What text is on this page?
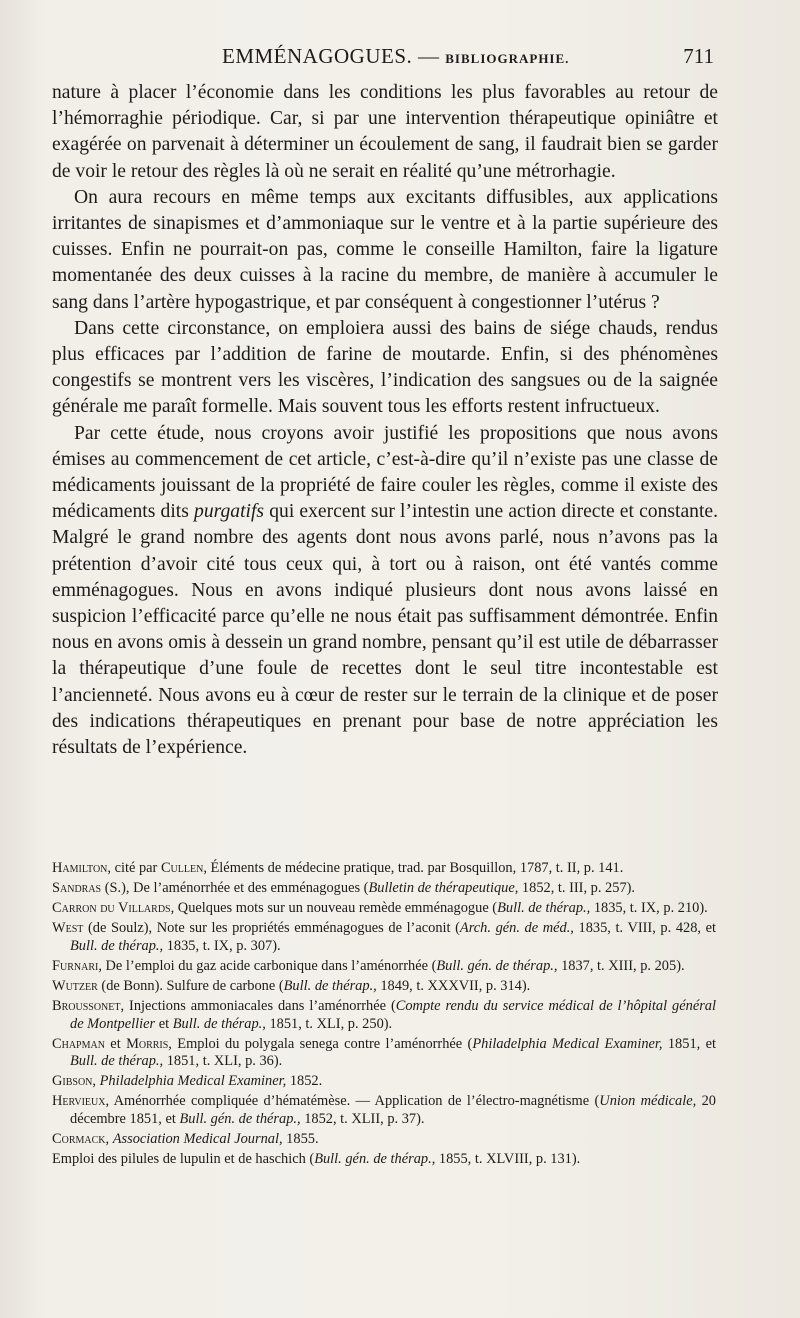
EMMÉNAGOGUES. — BIBLIOGRAPHIE.	711

nature à placer l’économie dans les conditions les plus favorables au retour de l’hémorraghie périodique. Car, si par une intervention thérapeutique opiniâtre et exagérée on parvenait à déterminer un écoulement de sang, il faudrait bien se garder de voir le retour des règles là où ne serait en réalité qu’une métrorhagie.

On aura recours en même temps aux excitants diffusibles, aux applications irritantes de sinapismes et d’ammoniaque sur le ventre et à la partie supérieure des cuisses. Enfin ne pourrait-on pas, comme le conseille Hamilton, faire la ligature momentanée des deux cuisses à la racine du membre, de manière à accumuler le sang dans l’artère hypogastrique, et par conséquent à congestionner l’utérus ?

Dans cette circonstance, on emploiera aussi des bains de siége chauds, rendus plus efficaces par l’addition de farine de moutarde. Enfin, si des phénomènes congestifs se montrent vers les viscères, l’indication des sangsues ou de la saignée générale me paraît formelle. Mais souvent tous les efforts restent infructueux.

Par cette étude, nous croyons avoir justifié les propositions que nous avons émises au commencement de cet article, c’est-à-dire qu’il n’existe pas une classe de médicaments jouissant de la propriété de faire couler les règles, comme il existe des médicaments dits purgatifs qui exercent sur l’intestin une action directe et constante. Malgré le grand nombre des agents dont nous avons parlé, nous n’avons pas la prétention d’avoir cité tous ceux qui, à tort ou à raison, ont été vantés comme emménagogues. Nous en avons indiqué plusieurs dont nous avons laissé en suspicion l’efficacité parce qu’elle ne nous était pas suffisamment démontrée. Enfin nous en avons omis à dessein un grand nombre, pensant qu’il est utile de débarrasser la thérapeutique d’une foule de recettes dont le seul titre incontestable est l’ancienneté. Nous avons eu à cœur de rester sur le terrain de la clinique et de poser des indications thérapeutiques en prenant pour base de notre appréciation les résultats de l’expérience.

Hamilton, cité par Cullen, Éléments de médecine pratique, trad. par Bosquillon, 1787, t. II, p. 141.

Sandras (S.), De l’aménorrhée et des emménagogues (Bulletin de thérapeutique, 1852, t. III, p. 257).

Carron du Villards, Quelques mots sur un nouveau remède emménagogue (Bull. de thérap., 1835, t. IX, p. 210).

West (de Soulz), Note sur les propriétés emménagogues de l’aconit (Arch. gén. de méd., 1835, t. VIII, p. 428, et Bull. de thérap., 1835, t. IX, p. 307).

Furnari, De l’emploi du gaz acide carbonique dans l’aménorrhée (Bull. gén. de thérap., 1837, t. XIII, p. 205).

Wutzer (de Bonn). Sulfure de carbone (Bull. de thérap., 1849, t. XXXVII, p. 314).

Broussonet, Injections ammoniacales dans l’aménorrhée (Compte rendu du service médical de l’hôpital général de Montpellier et Bull. de thérap., 1851, t. XLI, p. 250).

Chapman et Morris, Emploi du polygala senega contre l’aménorrhée (Philadelphia Medical Examiner, 1851, et Bull. de thérap., 1851, t. XLI, p. 36).

Gibson, Philadelphia Medical Examiner, 1852.

Hervieux, Aménorrhée compliquée d’hématémèse. — Application de l’électro-magnétisme (Union médicale, 20 décembre 1851, et Bull. gén. de thérap., 1852, t. XLII, p. 37).

Cormack, Association Medical Journal, 1855.

Emploi des pilules de lupulin et de haschich (Bull. gén. de thérap., 1855, t. XLVIII, p. 131).
